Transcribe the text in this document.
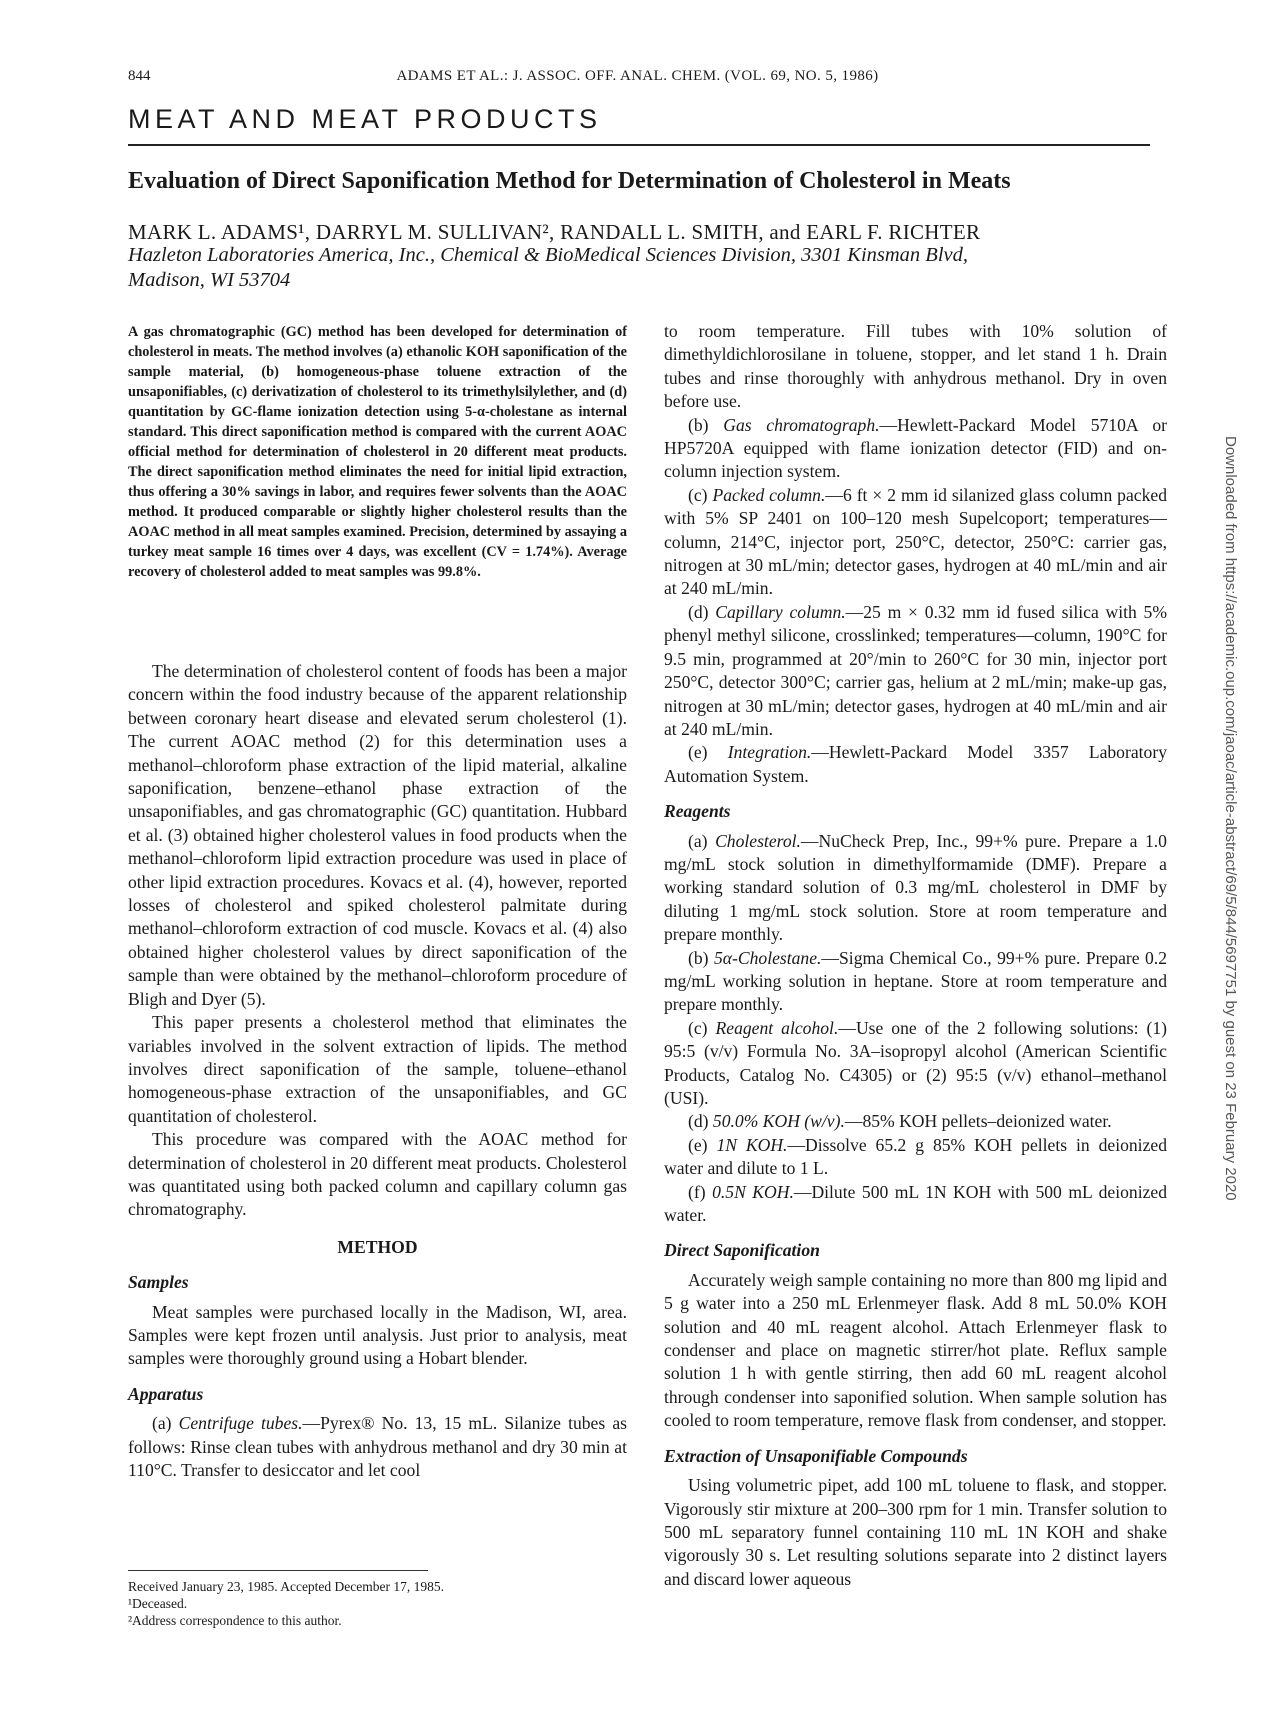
844	ADAMS ET AL.: J. ASSOC. OFF. ANAL. CHEM. (VOL. 69, NO. 5, 1986)
MEAT AND MEAT PRODUCTS
Evaluation of Direct Saponification Method for Determination of Cholesterol in Meats
MARK L. ADAMS¹, DARRYL M. SULLIVAN², RANDALL L. SMITH, and EARL F. RICHTER
Hazleton Laboratories America, Inc., Chemical & BioMedical Sciences Division, 3301 Kinsman Blvd,
Madison, WI 53704
A gas chromatographic (GC) method has been developed for determination of cholesterol in meats. The method involves (a) ethanolic KOH saponification of the sample material, (b) homogeneous-phase toluene extraction of the unsaponifiables, (c) derivatization of cholesterol to its trimethylsilylether, and (d) quantitation by GC-flame ionization detection using 5-α-cholestane as internal standard. This direct saponification method is compared with the current AOAC official method for determination of cholesterol in 20 different meat products. The direct saponification method eliminates the need for initial lipid extraction, thus offering a 30% savings in labor, and requires fewer solvents than the AOAC method. It produced comparable or slightly higher cholesterol results than the AOAC method in all meat samples examined. Precision, determined by assaying a turkey meat sample 16 times over 4 days, was excellent (CV = 1.74%). Average recovery of cholesterol added to meat samples was 99.8%.

The determination of cholesterol content of foods has been a major concern within the food industry because of the apparent relationship between coronary heart disease and elevated serum cholesterol (1). The current AOAC method (2) for this determination uses a methanol–chloroform phase extraction of the lipid material, alkaline saponification, benzene–ethanol phase extraction of the unsaponifiables, and gas chromatographic (GC) quantitation. Hubbard et al. (3) obtained higher cholesterol values in food products when the methanol–chloroform lipid extraction procedure was used in place of other lipid extraction procedures. Kovacs et al. (4), however, reported losses of cholesterol and spiked cholesterol palmitate during methanol–chloroform extraction of cod muscle. Kovacs et al. (4) also obtained higher cholesterol values by direct saponification of the sample than were obtained by the methanol–chloroform procedure of Bligh and Dyer (5).

This paper presents a cholesterol method that eliminates the variables involved in the solvent extraction of lipids. The method involves direct saponification of the sample, toluene–ethanol homogeneous-phase extraction of the unsaponifiables, and GC quantitation of cholesterol.

This procedure was compared with the AOAC method for determination of cholesterol in 20 different meat products. Cholesterol was quantitated using both packed column and capillary column gas chromatography.

METHOD
Samples

Meat samples were purchased locally in the Madison, WI, area. Samples were kept frozen until analysis. Just prior to analysis, meat samples were thoroughly ground using a Hobart blender.

Apparatus

(a) Centrifuge tubes.—Pyrex® No. 13, 15 mL. Silanize tubes as follows: Rinse clean tubes with anhydrous methanol and dry 30 min at 110°C. Transfer to desiccator and let cool

to room temperature. Fill tubes with 10% solution of dimethyldichlorosilane in toluene, stopper, and let stand 1 h. Drain tubes and rinse thoroughly with anhydrous methanol. Dry in oven before use.

(b) Gas chromatograph.—Hewlett-Packard Model 5710A or HP5720A equipped with flame ionization detector (FID) and on-column injection system.

(c) Packed column.—6 ft × 2 mm id silanized glass column packed with 5% SP 2401 on 100–120 mesh Supelcoport; temperatures—column, 214°C, injector port, 250°C, detector, 250°C: carrier gas, nitrogen at 30 mL/min; detector gases, hydrogen at 40 mL/min and air at 240 mL/min.

(d) Capillary column.—25 m × 0.32 mm id fused silica with 5% phenyl methyl silicone, crosslinked; temperatures—column, 190°C for 9.5 min, programmed at 20°/min to 260°C for 30 min, injector port 250°C, detector 300°C; carrier gas, helium at 2 mL/min; make-up gas, nitrogen at 30 mL/min; detector gases, hydrogen at 40 mL/min and air at 240 mL/min.

(e) Integration.—Hewlett-Packard Model 3357 Laboratory Automation System.

Reagents

(a) Cholesterol.—NuCheck Prep, Inc., 99+% pure. Prepare a 1.0 mg/mL stock solution in dimethylformamide (DMF). Prepare a working standard solution of 0.3 mg/mL cholesterol in DMF by diluting 1 mg/mL stock solution. Store at room temperature and prepare monthly.

(b) 5α-Cholestane.—Sigma Chemical Co., 99+% pure. Prepare 0.2 mg/mL working solution in heptane. Store at room temperature and prepare monthly.

(c) Reagent alcohol.—Use one of the 2 following solutions: (1) 95:5 (v/v) Formula No. 3A–isopropyl alcohol (American Scientific Products, Catalog No. C4305) or (2) 95:5 (v/v) ethanol–methanol (USI).

(d) 50.0% KOH (w/v).—85% KOH pellets–deionized water.

(e) 1N KOH.—Dissolve 65.2 g 85% KOH pellets in deionized water and dilute to 1 L.

(f) 0.5N KOH.—Dilute 500 mL 1N KOH with 500 mL deionized water.

Direct Saponification

Accurately weigh sample containing no more than 800 mg lipid and 5 g water into a 250 mL Erlenmeyer flask. Add 8 mL 50.0% KOH solution and 40 mL reagent alcohol. Attach Erlenmeyer flask to condenser and place on magnetic stirrer/hot plate. Reflux sample solution 1 h with gentle stirring, then add 60 mL reagent alcohol through condenser into saponified solution. When sample solution has cooled to room temperature, remove flask from condenser, and stopper.

Extraction of Unsaponifiable Compounds

Using volumetric pipet, add 100 mL toluene to flask, and stopper. Vigorously stir mixture at 200–300 rpm for 1 min. Transfer solution to 500 mL separatory funnel containing 110 mL 1N KOH and shake vigorously 30 s. Let resulting solutions separate into 2 distinct layers and discard lower aqueous

Received January 23, 1985. Accepted December 17, 1985.
¹Deceased.
²Address correspondence to this author.
Downloaded from https://academic.oup.com/jaoac/article-abstract/69/5/844/5697751 by guest on 23 February 2020
